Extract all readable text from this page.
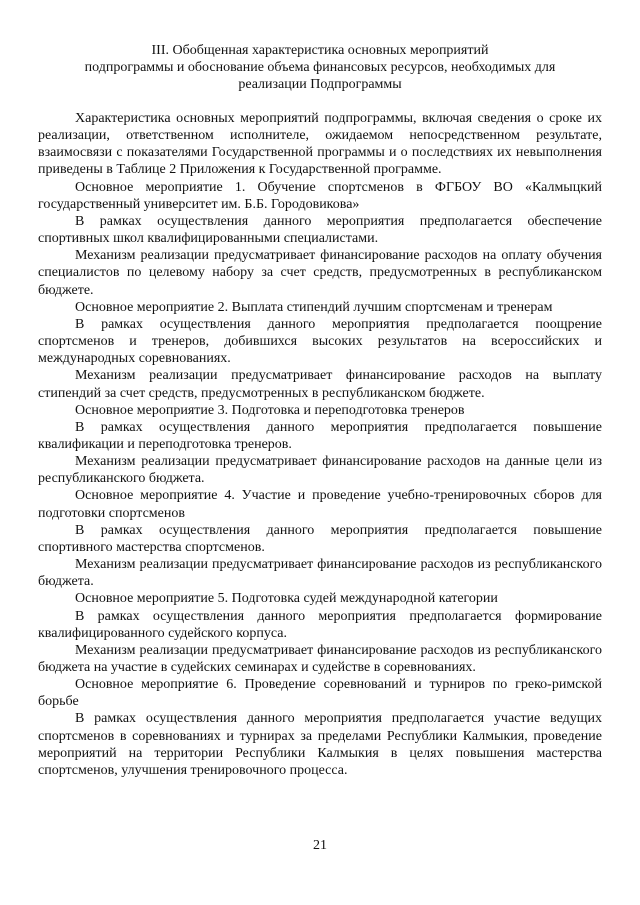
III. Обобщенная характеристика основных мероприятий
подпрограммы и обоснование объема финансовых ресурсов, необходимых для
реализации Подпрограммы

Характеристика основных мероприятий подпрограммы, включая сведения о сроке их реализации, ответственном исполнителе, ожидаемом непосредственном результате, взаимосвязи с показателями Государственной программы и о последствиях их невыполнения приведены в Таблице 2 Приложения к Государственной программе.

Основное мероприятие 1. Обучение спортсменов в ФГБОУ ВО «Калмыцкий государственный университет им. Б.Б. Городовикова»

В рамках осуществления данного мероприятия предполагается обеспечение спортивных школ квалифицированными специалистами.

Механизм реализации предусматривает финансирование расходов на оплату обучения специалистов по целевому набору за счет средств, предусмотренных в республиканском бюджете.

Основное мероприятие 2. Выплата стипендий лучшим спортсменам и тренерам

В рамках осуществления данного мероприятия предполагается поощрение спортсменов и тренеров, добившихся высоких результатов на всероссийских и международных соревнованиях.

Механизм реализации предусматривает финансирование расходов на выплату стипендий за счет средств, предусмотренных в республиканском бюджете.

Основное мероприятие 3. Подготовка и переподготовка тренеров

В рамках осуществления данного мероприятия предполагается повышение квалификации и переподготовка тренеров.

Механизм реализации предусматривает финансирование расходов на данные цели из республиканского бюджета.

Основное мероприятие 4. Участие и проведение учебно-тренировочных сборов для подготовки спортсменов

В рамках осуществления данного мероприятия предполагается повышение спортивного мастерства спортсменов.

Механизм реализации предусматривает финансирование расходов из республиканского бюджета.

Основное мероприятие 5. Подготовка судей международной категории

В рамках осуществления данного мероприятия предполагается формирование квалифицированного судейского корпуса.

Механизм реализации предусматривает финансирование расходов из республиканского бюджета на участие в судейских семинарах и судействе в соревнованиях.

Основное мероприятие 6. Проведение соревнований и турниров по греко-римской борьбе

В рамках осуществления данного мероприятия предполагается участие ведущих спортсменов в соревнованиях и турнирах за пределами Республики Калмыкия, проведение мероприятий на территории Республики Калмыкия в целях повышения мастерства спортсменов, улучшения тренировочного процесса.

21
